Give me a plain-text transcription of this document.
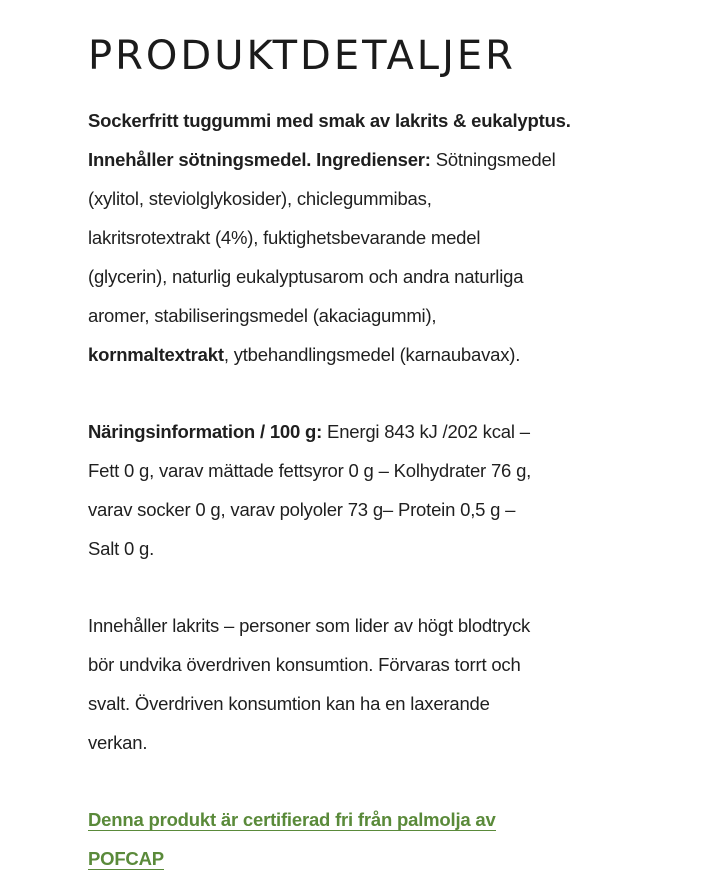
PRODUKTDETALJER

Sockerfritt tuggummi med smak av lakrits & eukalyptus.
Innehåller sötningsmedel. Ingredienser: Sötningsmedel
(xylitol, steviolglykosider), chiclegummibas,
lakritsrotextrakt (4%), fuktighetsbevarande medel
(glycerin), naturlig eukalyptusarom och andra naturliga
aromer, stabiliseringsmedel (akaciagummi),
kornmaltextrakt, ytbehandlingsmedel (karnaubavax).

Näringsinformation / 100 g: Energi 843 kJ /202 kcal –
Fett 0 g, varav mättade fettsyror 0 g – Kolhydrater 76 g,
varav socker 0 g, varav polyoler 73 g– Protein 0,5 g –
Salt 0 g.

Innehåller lakrits – personer som lider av högt blodtryck
bör undvika överdriven konsumtion. Förvaras torrt och
svalt. Överdriven konsumtion kan ha en laxerande
verkan.

Denna produkt är certifierad fri från palmolja av
POFCAP
